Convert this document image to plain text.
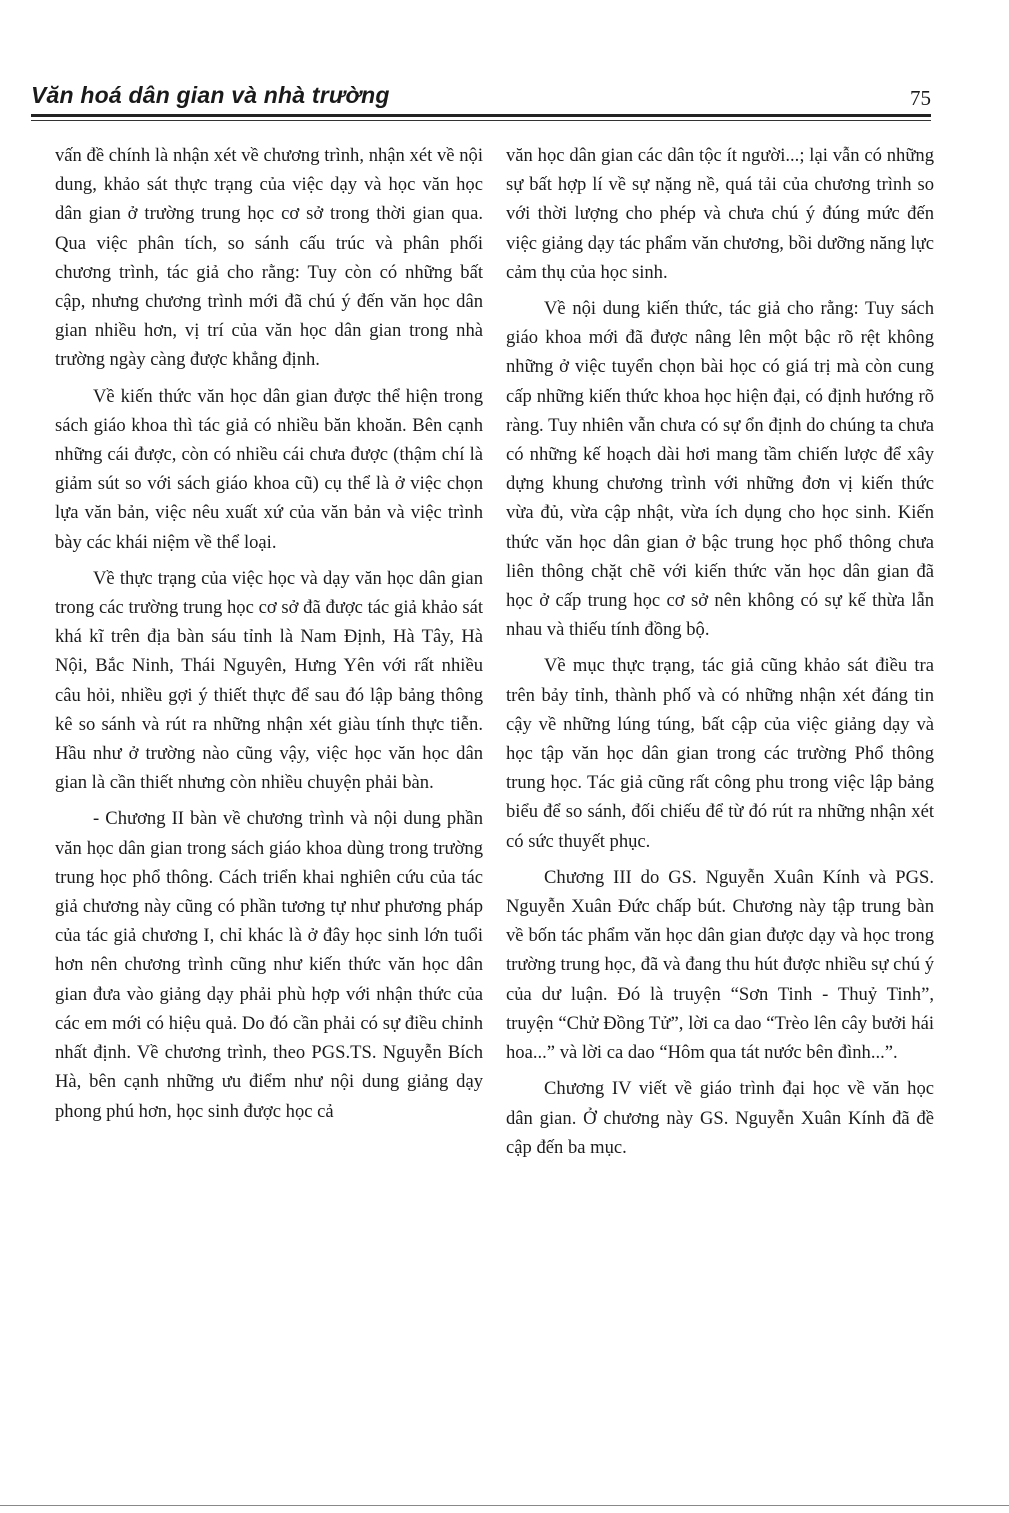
Văn hoá dân gian và nhà trường	75

vấn đề chính là nhận xét về chương trình, nhận xét về nội dung, khảo sát thực trạng của việc dạy và học văn học dân gian ở trường trung học cơ sở trong thời gian qua. Qua việc phân tích, so sánh cấu trúc và phân phối chương trình, tác giả cho rằng: Tuy còn có những bất cập, nhưng chương trình mới đã chú ý đến văn học dân gian nhiều hơn, vị trí của văn học dân gian trong nhà trường ngày càng được khẳng định.

Về kiến thức văn học dân gian được thể hiện trong sách giáo khoa thì tác giả có nhiều băn khoăn. Bên cạnh những cái được, còn có nhiều cái chưa được (thậm chí là giảm sút so với sách giáo khoa cũ) cụ thể là ở việc chọn lựa văn bản, việc nêu xuất xứ của văn bản và việc trình bày các khái niệm về thể loại.

Về thực trạng của việc học và dạy văn học dân gian trong các trường trung học cơ sở đã được tác giả khảo sát khá kĩ trên địa bàn sáu tỉnh là Nam Định, Hà Tây, Hà Nội, Bắc Ninh, Thái Nguyên, Hưng Yên với rất nhiều câu hỏi, nhiều gợi ý thiết thực để sau đó lập bảng thông kê so sánh và rút ra những nhận xét giàu tính thực tiễn. Hầu như ở trường nào cũng vậy, việc học văn học dân gian là cần thiết nhưng còn nhiều chuyện phải bàn.

- Chương II bàn về chương trình và nội dung phần văn học dân gian trong sách giáo khoa dùng trong trường trung học phổ thông. Cách triển khai nghiên cứu của tác giả chương này cũng có phần tương tự như phương pháp của tác giả chương I, chỉ khác là ở đây học sinh lớn tuổi hơn nên chương trình cũng như kiến thức văn học dân gian đưa vào giảng dạy phải phù hợp với nhận thức của các em mới có hiệu quả. Do đó cần phải có sự điều chỉnh nhất định. Về chương trình, theo PGS.TS. Nguyễn Bích Hà, bên cạnh những ưu điểm như nội dung giảng dạy phong phú hơn, học sinh được học cả

văn học dân gian các dân tộc ít người...; lại vẫn có những sự bất hợp lí về sự nặng nề, quá tải của chương trình so với thời lượng cho phép và chưa chú ý đúng mức đến việc giảng dạy tác phẩm văn chương, bồi dưỡng năng lực cảm thụ của học sinh.

Về nội dung kiến thức, tác giả cho rằng: Tuy sách giáo khoa mới đã được nâng lên một bậc rõ rệt không những ở việc tuyển chọn bài học có giá trị mà còn cung cấp những kiến thức khoa học hiện đại, có định hướng rõ ràng. Tuy nhiên vẫn chưa có sự ổn định do chúng ta chưa có những kế hoạch dài hơi mang tầm chiến lược để xây dựng khung chương trình với những đơn vị kiến thức vừa đủ, vừa cập nhật, vừa ích dụng cho học sinh. Kiến thức văn học dân gian ở bậc trung học phổ thông chưa liên thông chặt chẽ với kiến thức văn học dân gian đã học ở cấp trung học cơ sở nên không có sự kế thừa lẫn nhau và thiếu tính đồng bộ.

Về mục thực trạng, tác giả cũng khảo sát điều tra trên bảy tỉnh, thành phố và có những nhận xét đáng tin cậy về những lúng túng, bất cập của việc giảng dạy và học tập văn học dân gian trong các trường Phổ thông trung học. Tác giả cũng rất công phu trong việc lập bảng biểu để so sánh, đối chiếu để từ đó rút ra những nhận xét có sức thuyết phục.

Chương III do GS. Nguyễn Xuân Kính và PGS. Nguyễn Xuân Đức chấp bút. Chương này tập trung bàn về bốn tác phẩm văn học dân gian được dạy và học trong trường trung học, đã và đang thu hút được nhiều sự chú ý của dư luận. Đó là truyện “Sơn Tinh - Thuỷ Tinh”, truyện “Chử Đồng Tử”, lời ca dao “Trèo lên cây bưởi hái hoa...” và lời ca dao “Hôm qua tát nước bên đình...”.

Chương IV viết về giáo trình đại học về văn học dân gian. Ở chương này GS. Nguyễn Xuân Kính đã đề cập đến ba mục.
